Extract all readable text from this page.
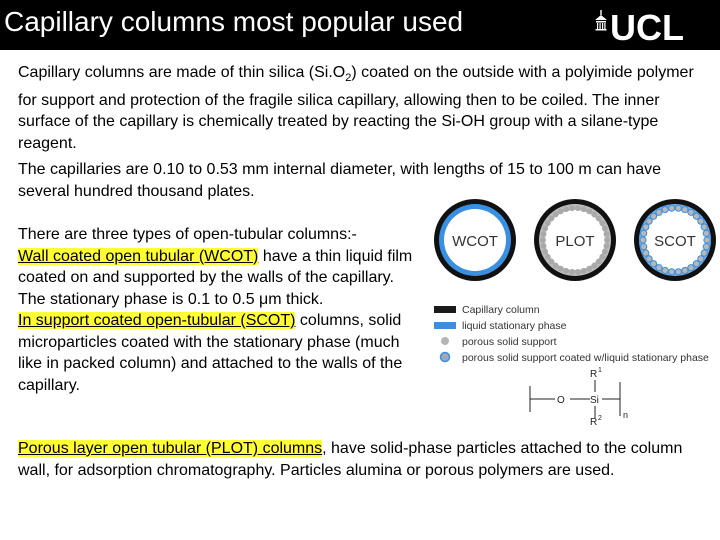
Capillary columns most popular used	UCL
Capillary columns are made of thin silica $(Si.O_2)$ coated on the outside with a polyimide polymer for support and protection of the fragile silica capillary, allowing then to be coiled. The inner surface of the capillary is chemically treated by reacting the Si-OH group with a silane-type reagent.
The capillaries are 0.10 to 0.53 mm internal diameter, with lengths of 15 to 100 m can have several hundred thousand plates.
There are three types of open-tubular columns:-
Wall coated open tubular (WCOT) have a thin liquid film coated on and supported by the walls of the capillary. The stationary phase is 0.1 to 0.5 μm thick.
In support coated open-tubular (SCOT) columns, solid microparticles coated with the stationary phase (much like in packed column) and attached to the walls of the capillary.
Porous layer open tubular (PLOT) columns, have solid-phase particles attached to the column wall, for adsorption chromatography. Particles alumina or porous polymers are used.
WCOT	PLOT	SCOT
Capillary column
liquid stationary phase
porous solid support
porous solid support coated w/liquid stationary phase
R 1
O	Si
n
R 2
